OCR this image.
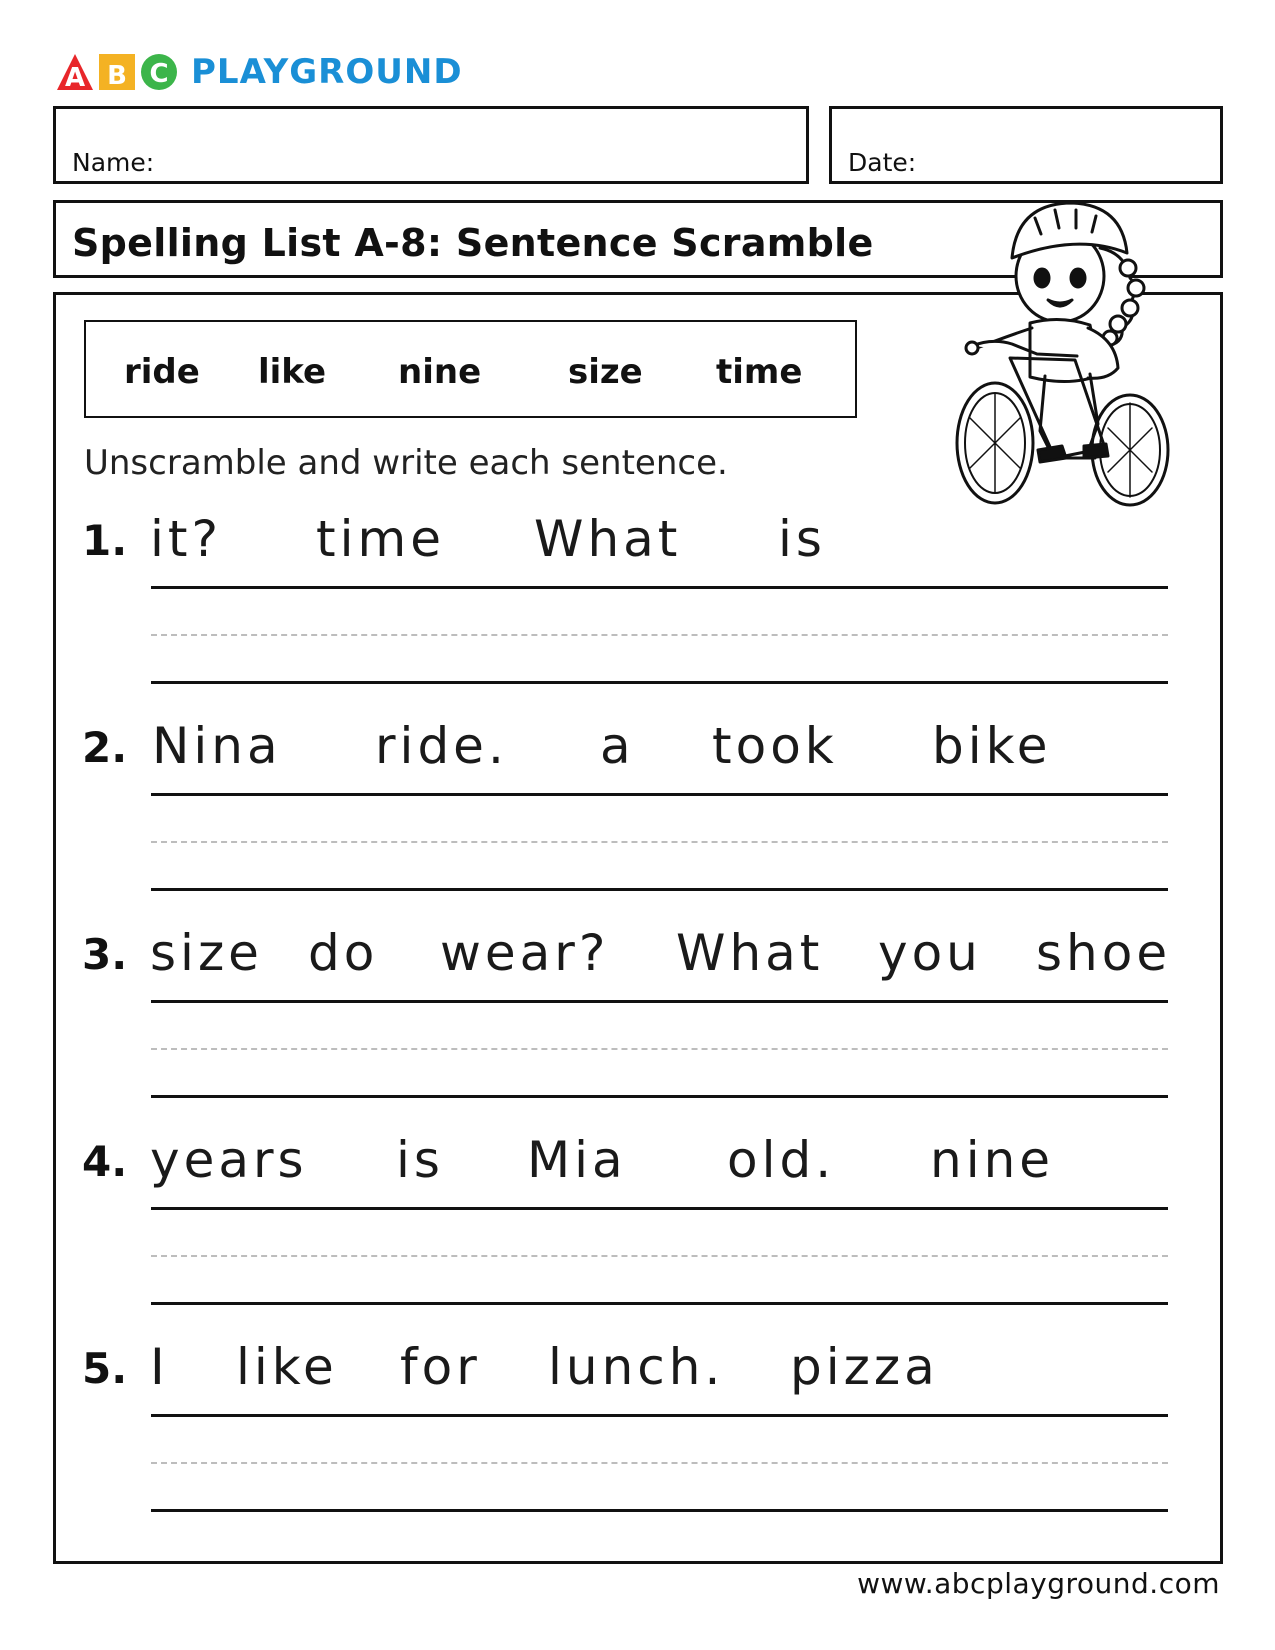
A B C PLAYGROUND
Name:	Date:
Spelling List A-8: Sentence Scramble
ride like nine	size time
Unscramble and write each sentence.
1. it? time What is
2. Nina ride. a took bike
3. size do wear? What you shoe
4. years is Mia old. nine
5. I like for lunch. pizza
www.abcplayground.com
